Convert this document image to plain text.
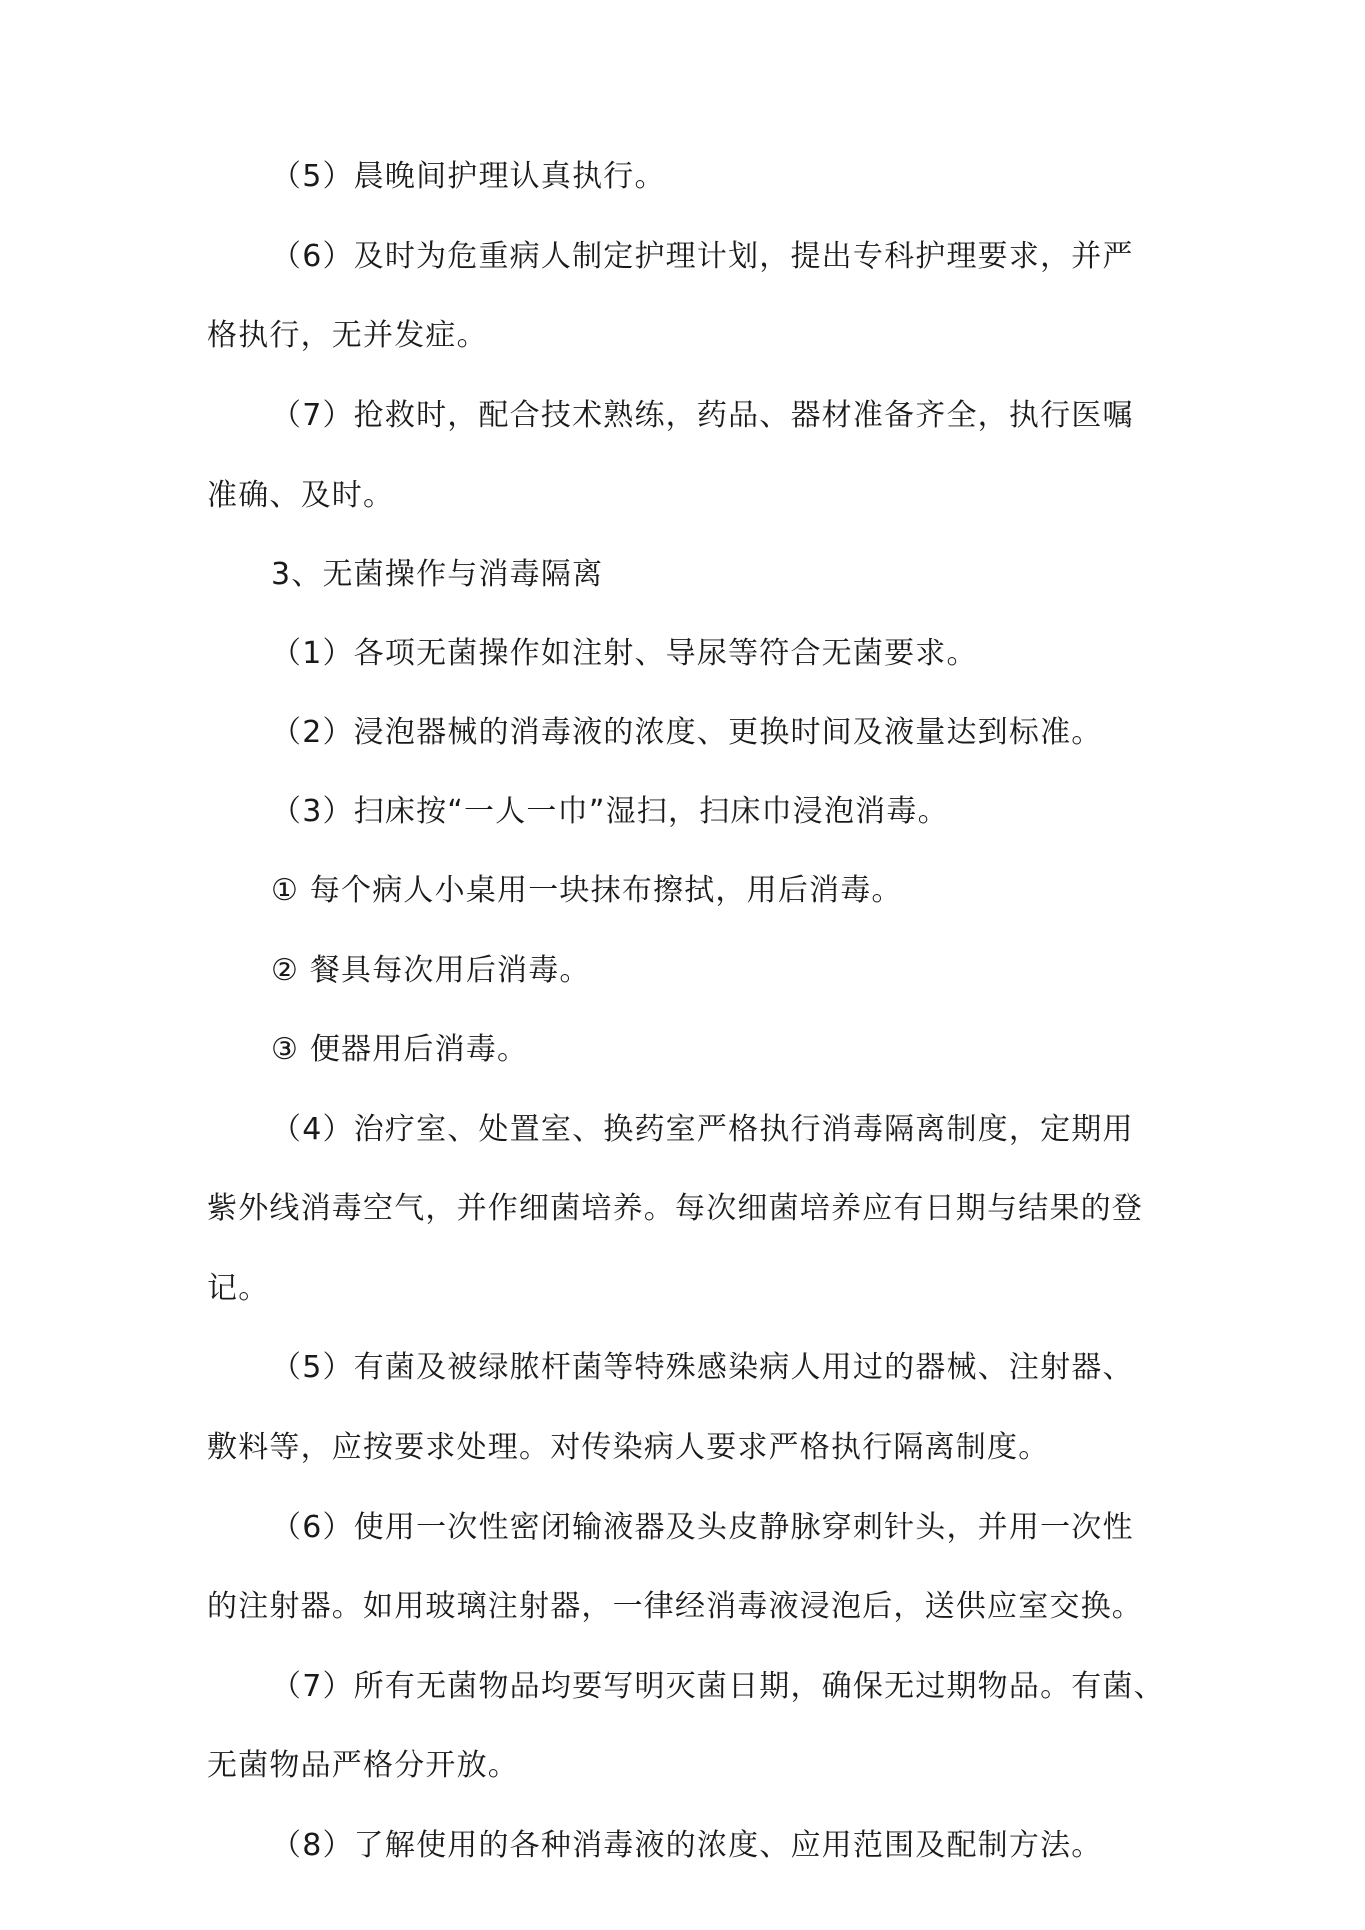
（5）晨晚间护理认真执行。
（6）及时为危重病人制定护理计划，提出专科护理要求，并严
格执行，无并发症。
（7）抢救时，配合技术熟练，药品、器材准备齐全，执行医嘱
准确、及时。
3、无菌操作与消毒隔离
（1）各项无菌操作如注射、导尿等符合无菌要求。
（2）浸泡器械的消毒液的浓度、更换时间及液量达到标准。
（3）扫床按“一人一巾”湿扫，扫床巾浸泡消毒。
① 每个病人小桌用一块抹布擦拭，用后消毒。
② 餐具每次用后消毒。
③ 便器用后消毒。
（4）治疗室、处置室、换药室严格执行消毒隔离制度，定期用
紫外线消毒空气，并作细菌培养。每次细菌培养应有日期与结果的登
记。
（5）有菌及被绿脓杆菌等特殊感染病人用过的器械、注射器、
敷料等，应按要求处理。对传染病人要求严格执行隔离制度。
（6）使用一次性密闭输液器及头皮静脉穿刺针头，并用一次性
的注射器。如用玻璃注射器，一律经消毒液浸泡后，送供应室交换。
（7）所有无菌物品均要写明灭菌日期，确保无过期物品。有菌、
无菌物品严格分开放。
（8）了解使用的各种消毒液的浓度、应用范围及配制方法。
